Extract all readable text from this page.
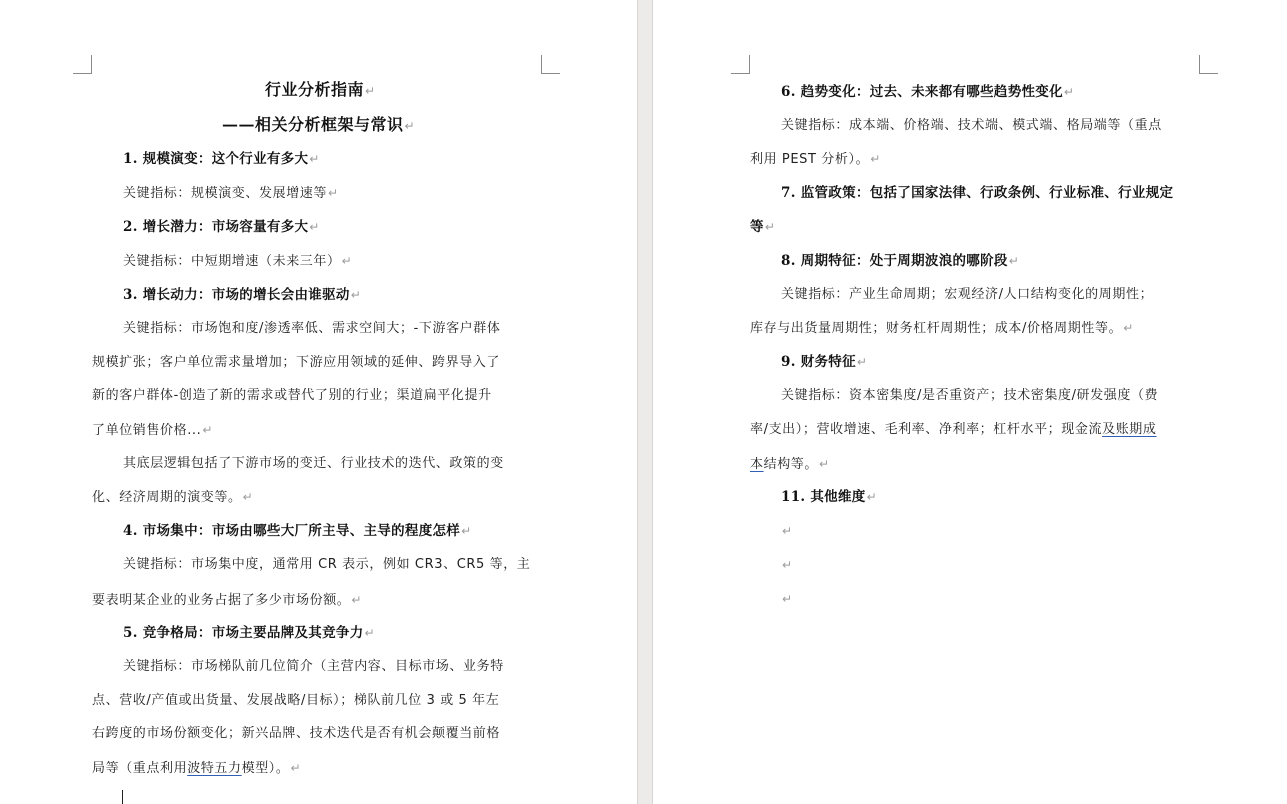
行业分析指南↵
——相关分析框架与常识↵
1. 规模演变：这个行业有多大↵
关键指标：规模演变、发展增速等↵
2. 增长潜力：市场容量有多大↵
关键指标：中短期增速（未来三年）↵
3. 增长动力：市场的增长会由谁驱动↵
关键指标：市场饱和度/渗透率低、需求空间大；-下游客户群体
规模扩张；客户单位需求量增加；下游应用领域的延伸、跨界导入了
新的客户群体-创造了新的需求或替代了别的行业；渠道扁平化提升
了单位销售价格...↵
其底层逻辑包括了下游市场的变迁、行业技术的迭代、政策的变
化、经济周期的演变等。↵
4. 市场集中：市场由哪些大厂所主导、主导的程度怎样↵
关键指标：市场集中度，通常用 CR 表示，例如 CR3、CR5 等，主
要表明某企业的业务占据了多少市场份额。↵
5. 竞争格局：市场主要品牌及其竞争力↵
关键指标：市场梯队前几位简介（主营内容、目标市场、业务特
点、营收/产值或出货量、发展战略/目标）；梯队前几位 3 或 5 年左
右跨度的市场份额变化；新兴品牌、技术迭代是否有机会颠覆当前格
局等（重点利用波特五力模型）。↵
6. 趋势变化：过去、未来都有哪些趋势性变化↵
关键指标：成本端、价格端、技术端、模式端、格局端等（重点
利用 PEST 分析）。↵
7. 监管政策：包括了国家法律、行政条例、行业标准、行业规定
等↵
8. 周期特征：处于周期波浪的哪阶段↵
关键指标：产业生命周期；宏观经济/人口结构变化的周期性；
库存与出货量周期性；财务杠杆周期性；成本/价格周期性等。↵
9. 财务特征↵
关键指标：资本密集度/是否重资产；技术密集度/研发强度（费
率/支出）；营收增速、毛利率、净利率；杠杆水平；现金流及账期成
本结构等。↵
11. 其他维度↵
↵
↵
↵
